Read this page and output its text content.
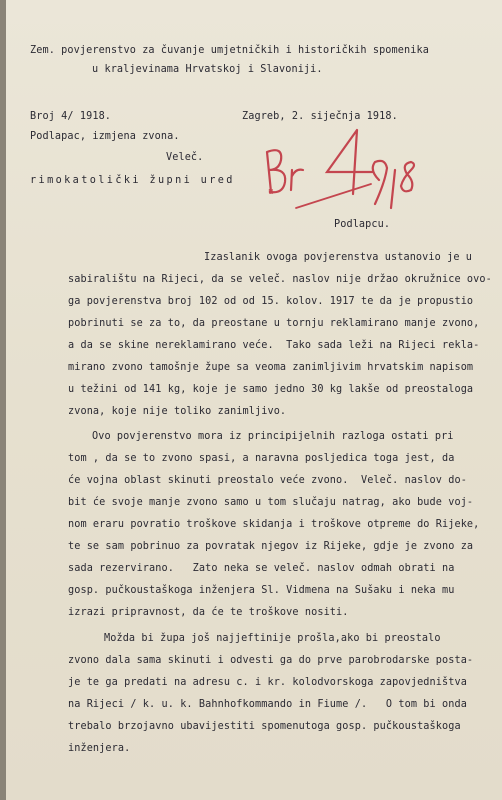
Zem. povjerenstvo za čuvanje umjetničkih i historičkih spomenika
u kraljevinama Hrvatskoj i Slavoniji.
Broj 4/ 1918.	Zagreb, 2. siječnja 1918.
Podlapac, izmjena zvona.
Veleč.
rimokatolički župni ured
Podlapcu.
u
Izaslanik ovoga povjerenstva ustanovio je u
sabiralištu na Rijeci, da se veleč. naslov nije držao okružnice ovo-
ga povjerenstva broj 102 od od 15. kolov. 1917 te da je propustio
pobrinuti se za to, da preostane u tornju reklamirano manje zvono,
a da se skine nereklamirano veće.  Tako sada leži na Rijeci rekla-
mirano zvono tamošnje župe sa veoma zanimljivim hrvatskim napisom
u težini od 141 kg, koje je samo jedno 30 kg lakše od preostaloga
zvona, koje nije toliko zanimljivo.
Ovo povjerenstvo mora iz principijelnih razloga ostati pri
tom , da se to zvono spasi, a naravna posljedica toga jest, da
će vojna oblast skinuti preostalo veće zvono.  Veleč. naslov do-
bit će svoje manje zvono samo u tom slučaju natrag, ako bude voj-
nom eraru povratio troškove skidanja i troškove otpreme do Rijeke,
te se sam pobrinuo za povratak njegov iz Rijeke, gdje je zvono za
sada rezervirano.   Zato neka se veleč. naslov odmah obrati na
gosp. pučkoustaškoga inženjera Sl. Vidmena na Sušaku i neka mu
izrazi pripravnost, da će te troškove nositi.
Možda bi župa još najjeftinije prošla,ako bi preostalo
zvono dala sama skinuti i odvesti ga do prve parobrodarske posta-
je te ga predati na adresu c. i kr. kolodvorskoga zapovjedništva
na Rijeci / k. u. k. Bahnhofkommando in Fiume /.   O tom bi onda
trebalo brzojavno ubavijestiti spomenutoga gosp. pučkoustaškoga
inženjera.
